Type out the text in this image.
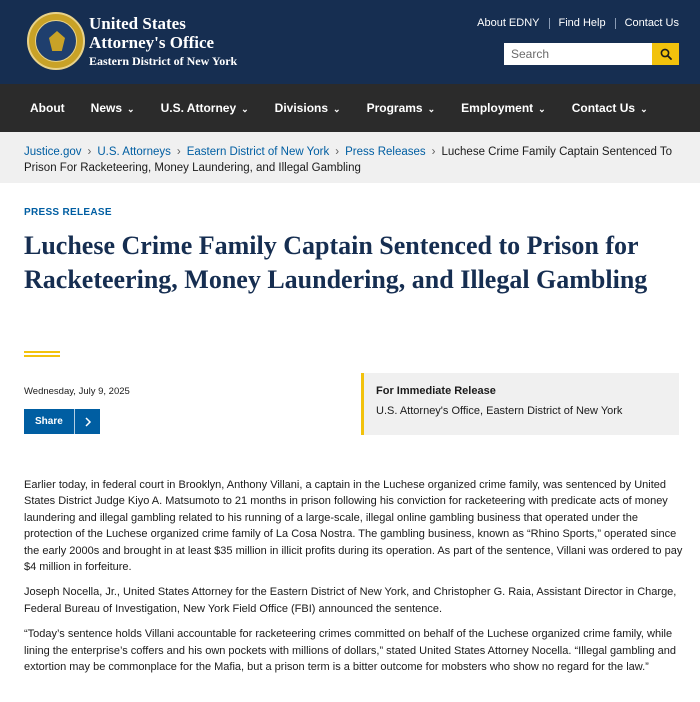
United States
Attorney's Office
Eastern District of New York
About EDNY	Find Help	Contact Us
Search
About News ⌄ U.S. Attorney ⌄ Divisions ⌄ Programs ⌄ Employment ⌄ Contact Us ⌄
Justice.gov › U.S. Attorneys › Eastern District of New York › Press Releases › Luchese Crime Family Captain Sentenced To Prison For Racketeering, Money Laundering, and Illegal Gambling
PRESS RELEASE
Luchese Crime Family Captain Sentenced to Prison for Racketeering, Money Laundering, and Illegal Gambling
Wednesday, July 9, 2025
Share
For Immediate Release
U.S. Attorney's Office, Eastern District of New York

Earlier today, in federal court in Brooklyn, Anthony Villani, a captain in the Luchese organized crime family, was sentenced by United States District Judge Kiyo A. Matsumoto to 21 months in prison following his conviction for racketeering with predicate acts of money laundering and illegal gambling related to his running of a large-scale, illegal online gambling business that operated under the protection of the Luchese organized crime family of La Cosa Nostra. The gambling business, known as “Rhino Sports,” operated since the early 2000s and brought in at least $35 million in illicit profits during its operation. As part of the sentence, Villani was ordered to pay $4 million in forfeiture.

Joseph Nocella, Jr., United States Attorney for the Eastern District of New York, and Christopher G. Raia, Assistant Director in Charge, Federal Bureau of Investigation, New York Field Office (FBI) announced the sentence.

“Today’s sentence holds Villani accountable for racketeering crimes committed on behalf of the Luchese organized crime family, while lining the enterprise’s coffers and his own pockets with millions of dollars,” stated United States Attorney Nocella. “Illegal gambling and extortion may be commonplace for the Mafia, but a prison term is a bitter outcome for mobsters who show no regard for the law.”
